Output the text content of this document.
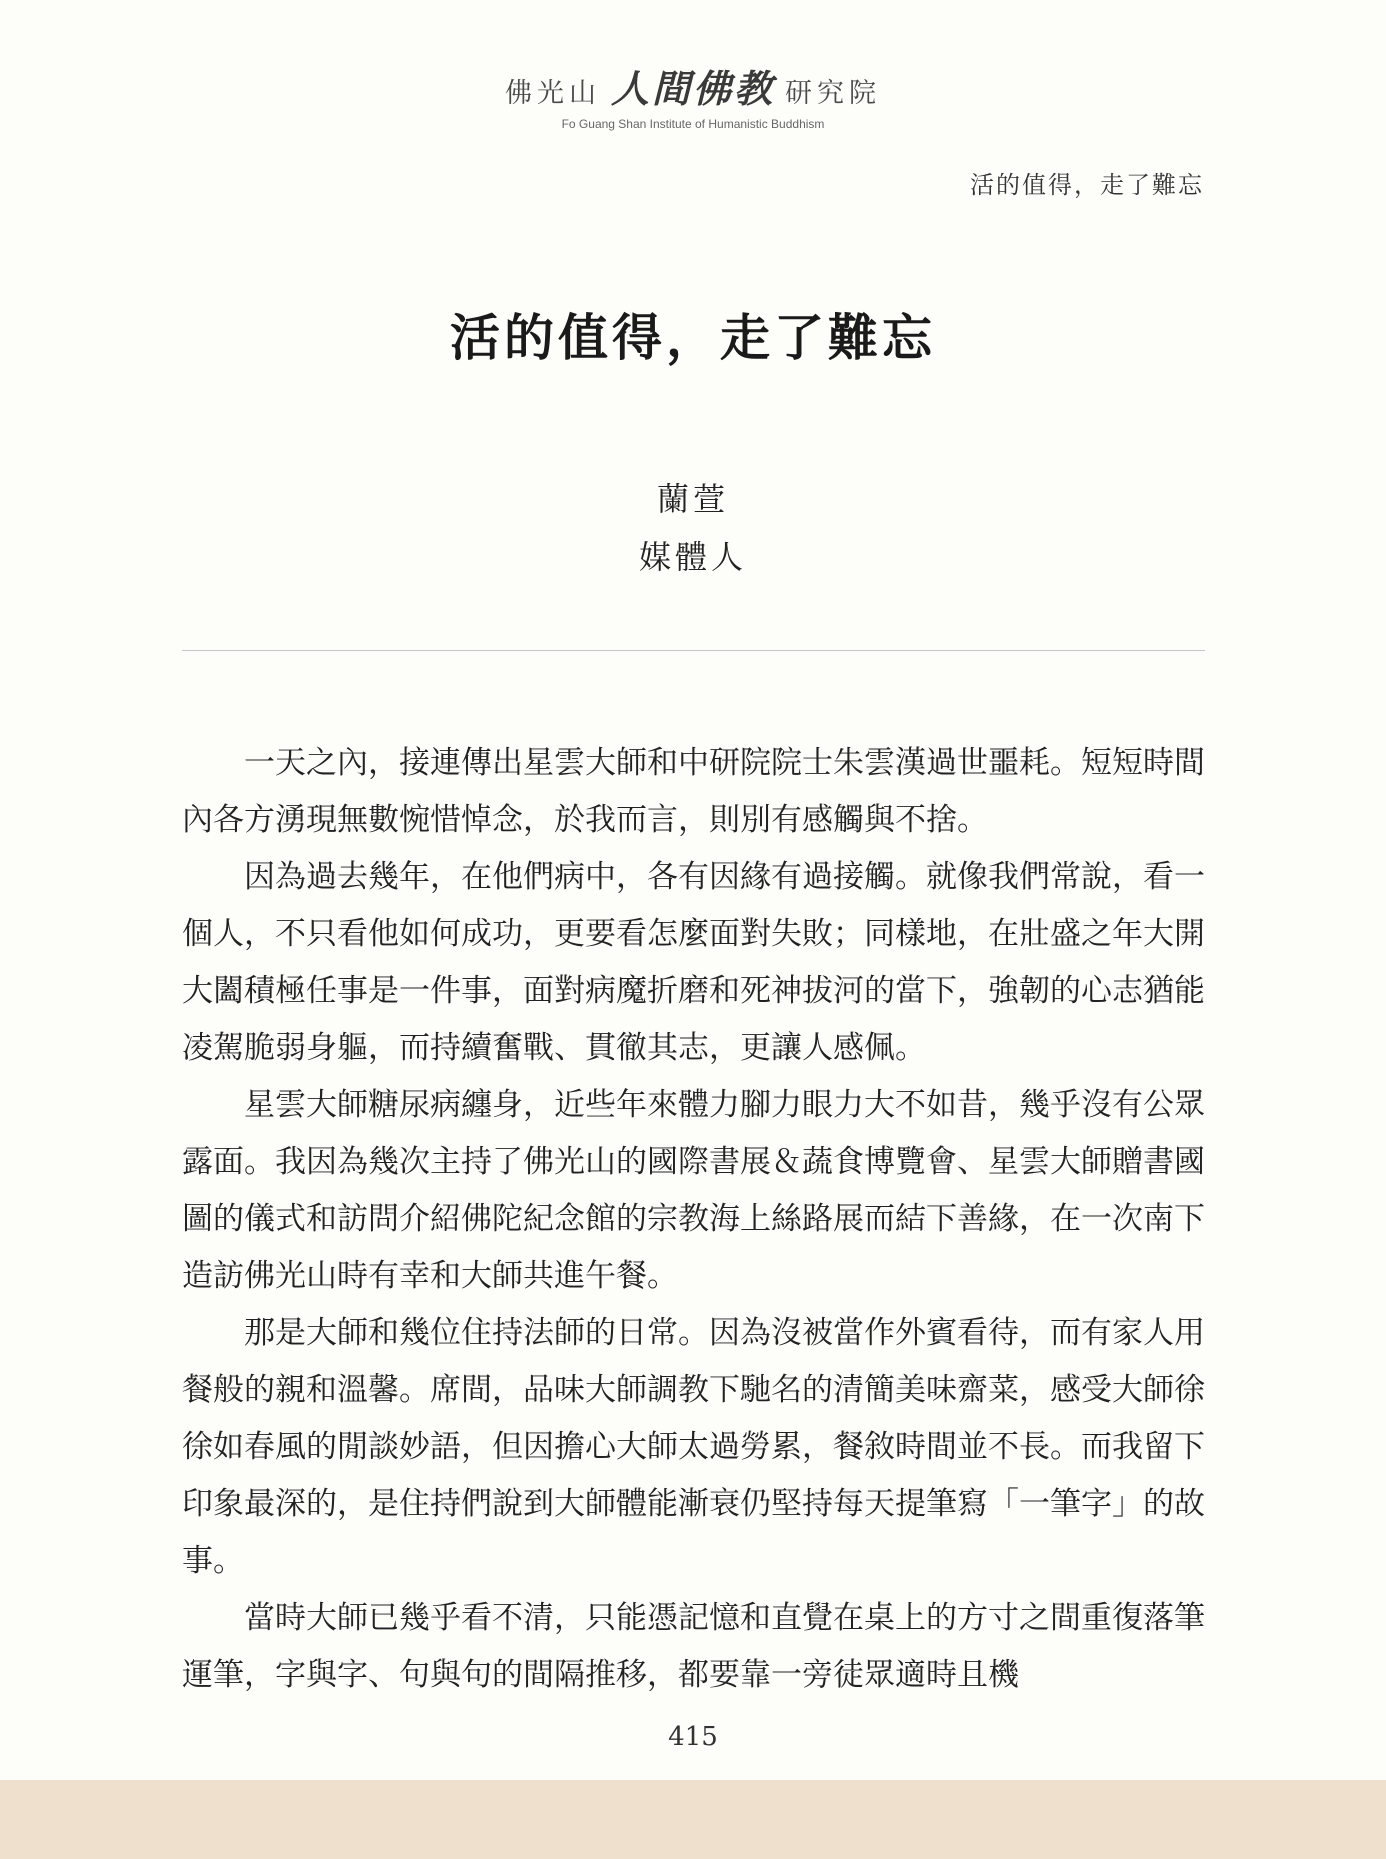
佛光山 人間佛教 研究院
Fo Guang Shan Institute of Humanistic Buddhism
活的值得，走了難忘
活的值得，走了難忘
蘭萱
媒體人

一天之內，接連傳出星雲大師和中研院院士朱雲漢過世噩耗。短短時間內各方湧現無數惋惜悼念，於我而言，則別有感觸與不捨。

因為過去幾年，在他們病中，各有因緣有過接觸。就像我們常說，看一個人，不只看他如何成功，更要看怎麼面對失敗；同樣地，在壯盛之年大開大闔積極任事是一件事，面對病魔折磨和死神拔河的當下，強韌的心志猶能凌駕脆弱身軀，而持續奮戰、貫徹其志，更讓人感佩。

星雲大師糖尿病纏身，近些年來體力腳力眼力大不如昔，幾乎沒有公眾露面。我因為幾次主持了佛光山的國際書展＆蔬食博覽會、星雲大師贈書國圖的儀式和訪問介紹佛陀紀念館的宗教海上絲路展而結下善緣，在一次南下造訪佛光山時有幸和大師共進午餐。

那是大師和幾位住持法師的日常。因為沒被當作外賓看待，而有家人用餐般的親和溫馨。席間，品味大師調教下馳名的清簡美味齋菜，感受大師徐徐如春風的閒談妙語，但因擔心大師太過勞累，餐敘時間並不長。而我留下印象最深的，是住持們說到大師體能漸衰仍堅持每天提筆寫「一筆字」的故事。

當時大師已幾乎看不清，只能憑記憶和直覺在桌上的方寸之間重復落筆運筆，字與字、句與句的間隔推移，都要靠一旁徒眾適時且機

415
